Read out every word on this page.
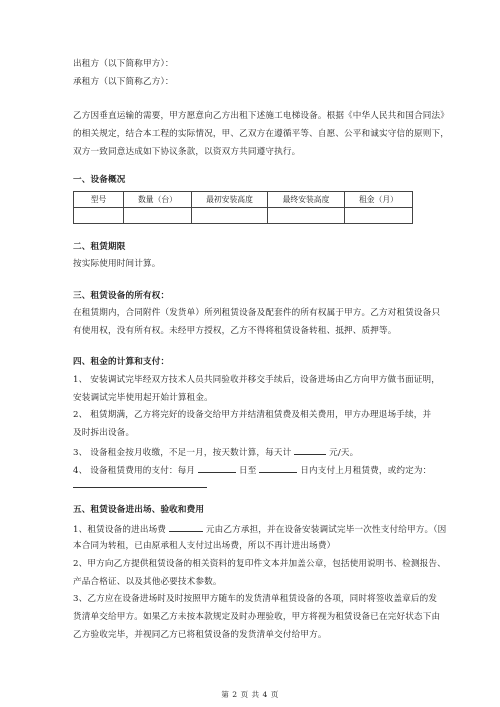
出租方（以下简称甲方）：
承租方（以下简称乙方）：
乙方因垂直运输的需要，甲方愿意向乙方出租下述施工电梯设备。根据《中华人民共和国合同法》
的相关规定，结合本工程的实际情况，甲、乙双方在遵循平等、自愿、公平和诚实守信的原则下，
双方一致同意达成如下协议条款，以资双方共同遵守执行。
一、设备概况
型号	数量（台）	最初安装高度	最终安装高度	租金（月）

二、租赁期限
按实际使用时间计算。
三、租赁设备的所有权：
在租赁期内，合同附件（发货单）所列租赁设备及配套件的所有权属于甲方。乙方对租赁设备只
有使用权，没有所有权。未经甲方授权，乙方不得将租赁设备转租、抵押、质押等。
四、租金的计算和支付：
1、 安装调试完毕经双方技术人员共同验收并移交手续后，设备进场由乙方向甲方做书面证明，
安装调试完毕使用起开始计算租金。
2、 租赁期满，乙方将完好的设备交给甲方并结清租赁费及相关费用，甲方办理退场手续，并
及时拆出设备。
3、 设备租金按月收缴，不足一月，按天数计算，每天计	元/天。
4、 设备租赁费用的支付：每月	日至	日内支付上月租赁费，或约定为：
五、租赁设备进出场、验收和费用
1、租赁设备的进出场费	元由乙方承担，并在设备安装调试完毕一次性支付给甲方。（因
本合同为转租，已由原承租人支付过出场费，所以不再计进出场费）
2、甲方向乙方提供租赁设备的相关资料的复印件文本并加盖公章，包括使用说明书、检测报告、
产品合格证、以及其他必要技术参数。
3、乙方应在设备进场时及时按照甲方随车的发货清单租赁设备的各项，同时将签收盖章后的发
货清单交给甲方。如果乙方未按本款规定及时办理验收，甲方将视为租赁设备已在完好状态下由
乙方验收完毕，并视同乙方已将租赁设备的发货清单交付给甲方。
第 2 页 共 4 页
